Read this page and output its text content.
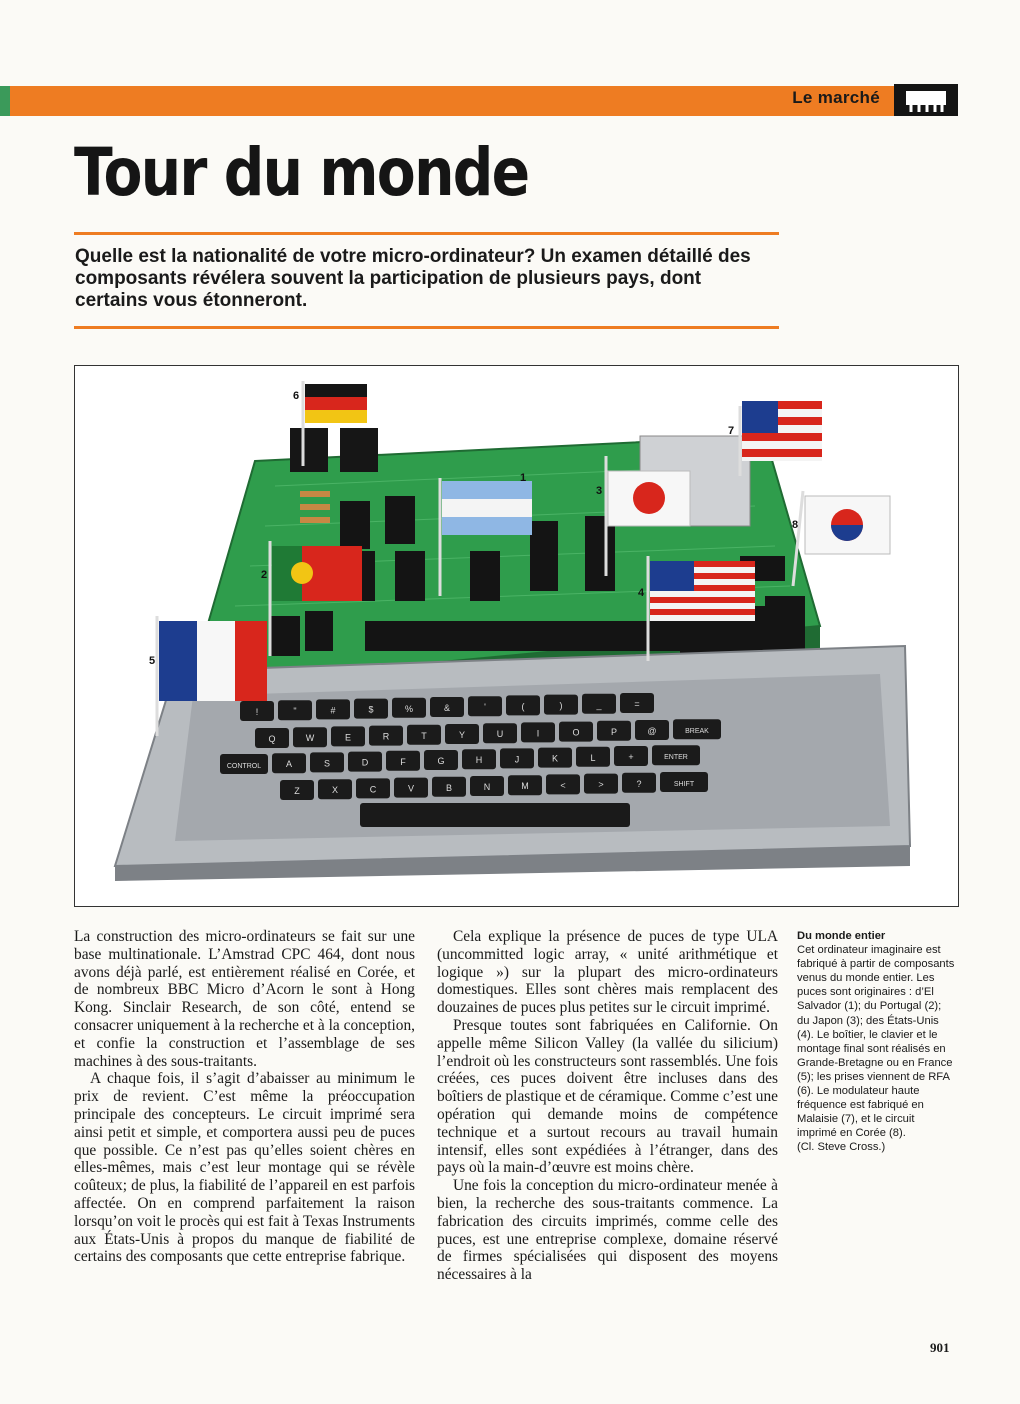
Le marché
Tour du monde
Quelle est la nationalité de votre micro-ordinateur? Un examen détaillé des composants révélera souvent la participation de plusieurs pays, dont certains vous étonneront.
!	"	#	$	%	&	'	(	)	_	=
Q	W	E	R	T	Y	U	I	O	P	@	BREAK
CONTROL	A	S	D	F	G	H	J	K	L	+	ENTER
Z	X	C	V	B	N	M	<	>	?	SHIFT
1
2
3
4
5
6
7
8

La construction des micro-ordinateurs se fait sur une base multinationale. L’Amstrad CPC 464, dont nous avons déjà parlé, est entièrement réalisé en Corée, et de nombreux BBC Micro d’Acorn le sont à Hong Kong. Sinclair Research, de son côté, entend se consacrer uniquement à la recherche et à la conception, et confie la construction et l’assemblage de ses machines à des sous-traitants.

A chaque fois, il s’agit d’abaisser au minimum le prix de revient. C’est même la préoccupation principale des concepteurs. Le circuit imprimé sera ainsi petit et simple, et comportera aussi peu de puces que possible. Ce n’est pas qu’elles soient chères en elles-mêmes, mais c’est leur montage qui se révèle coûteux; de plus, la fiabilité de l’appareil en est parfois affectée. On en comprend parfaitement la raison lorsqu’on voit le procès qui est fait à Texas Instruments aux États-Unis à propos du manque de fiabilité de certains des composants que cette entreprise fabrique.

Cela explique la présence de puces de type ULA (uncommitted logic array, « unité arithmétique et logique ») sur la plupart des micro-ordinateurs domestiques. Elles sont chères mais remplacent des douzaines de puces plus petites sur le circuit imprimé.

Presque toutes sont fabriquées en Californie. On appelle même Silicon Valley (la vallée du silicium) l’endroit où les constructeurs sont rassemblés. Une fois créées, ces puces doivent être incluses dans des boîtiers de plastique et de céramique. Comme c’est une opération qui demande moins de compétence technique et a surtout recours au travail humain intensif, elles sont expédiées à l’étranger, dans des pays où la main-d’œuvre est moins chère.

Une fois la conception du micro-ordinateur menée à bien, la recherche des sous-traitants commence. La fabrication des circuits imprimés, comme celle des puces, est une entreprise complexe, domaine réservé de firmes spécialisées qui disposent des moyens nécessaires à la

Du monde entier
Cet ordinateur imaginaire est fabriqué à partir de composants venus du monde entier. Les puces sont originaires : d’El Salvador (1); du Portugal (2); du Japon (3); des États-Unis (4). Le boîtier, le clavier et le montage final sont réalisés en Grande-Bretagne ou en France (5); les prises viennent de RFA (6). Le modulateur haute fréquence est fabriqué en Malaisie (7), et le circuit imprimé en Corée (8).
(Cl. Steve Cross.)
901
